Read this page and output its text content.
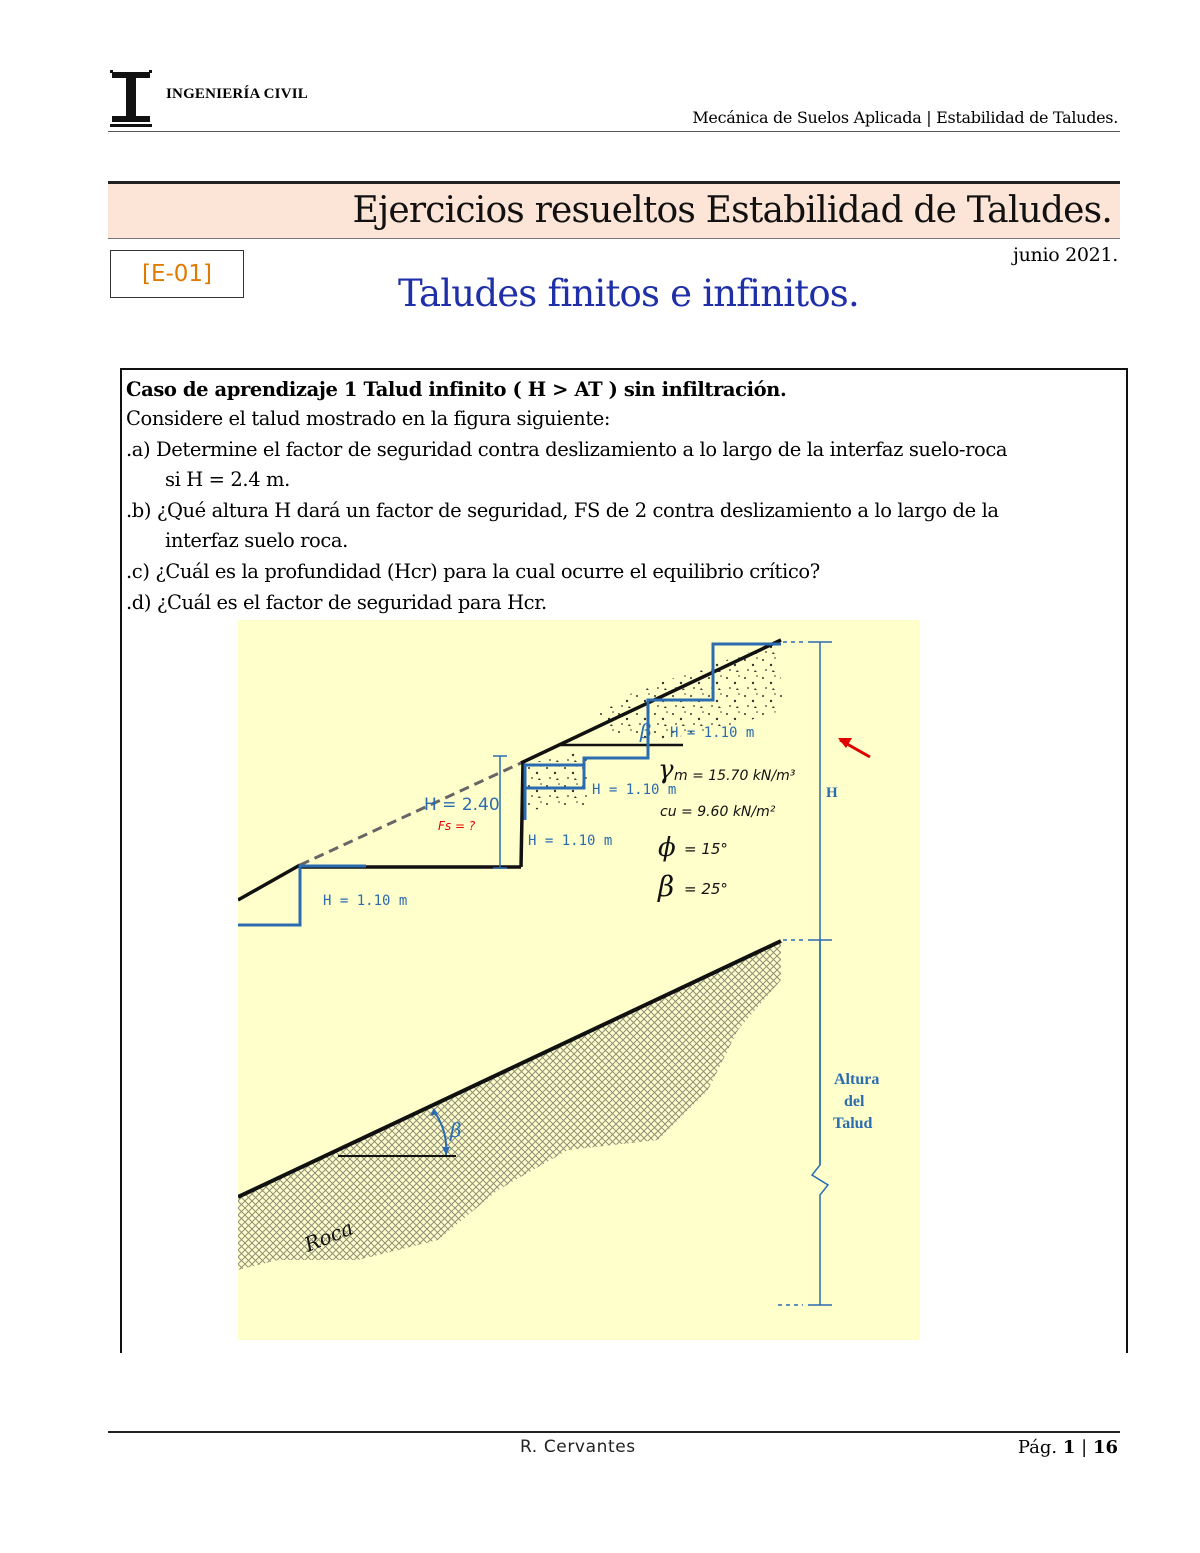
INGENIERÍA CIVIL
Mecánica de Suelos Aplicada | Estabilidad de Taludes.
Ejercicios resueltos Estabilidad de Taludes.
junio 2021.
[E-01]	Taludes finitos e infinitos.
Caso de aprendizaje 1 Talud infinito ( H > AT ) sin infiltración.
Considere el talud mostrado en la figura siguiente:
.a) Determine el factor de seguridad contra deslizamiento a lo largo de la interfaz suelo-roca
si H = 2.4 m.
.b) ¿Qué altura H dará un factor de seguridad, FS de 2 contra deslizamiento a lo largo de la
interfaz suelo roca.
.c) ¿Cuál es la profundidad (Hcr) para la cual ocurre el equilibrio crítico?
.d) ¿Cuál es el factor de seguridad para Hcr.
β H = 1.10 m
H = 1.10 m
H = 1.10 m
H = 1.10 m
H = 2.40
Fs = ?
γ m = 15.70 kN/m³
cu = 9.60 kN/m²
ϕ = 15°
β = 25°
H
Altura
del
Talud
β
Roca
R. Cervantes	Pág. 1 | 16
